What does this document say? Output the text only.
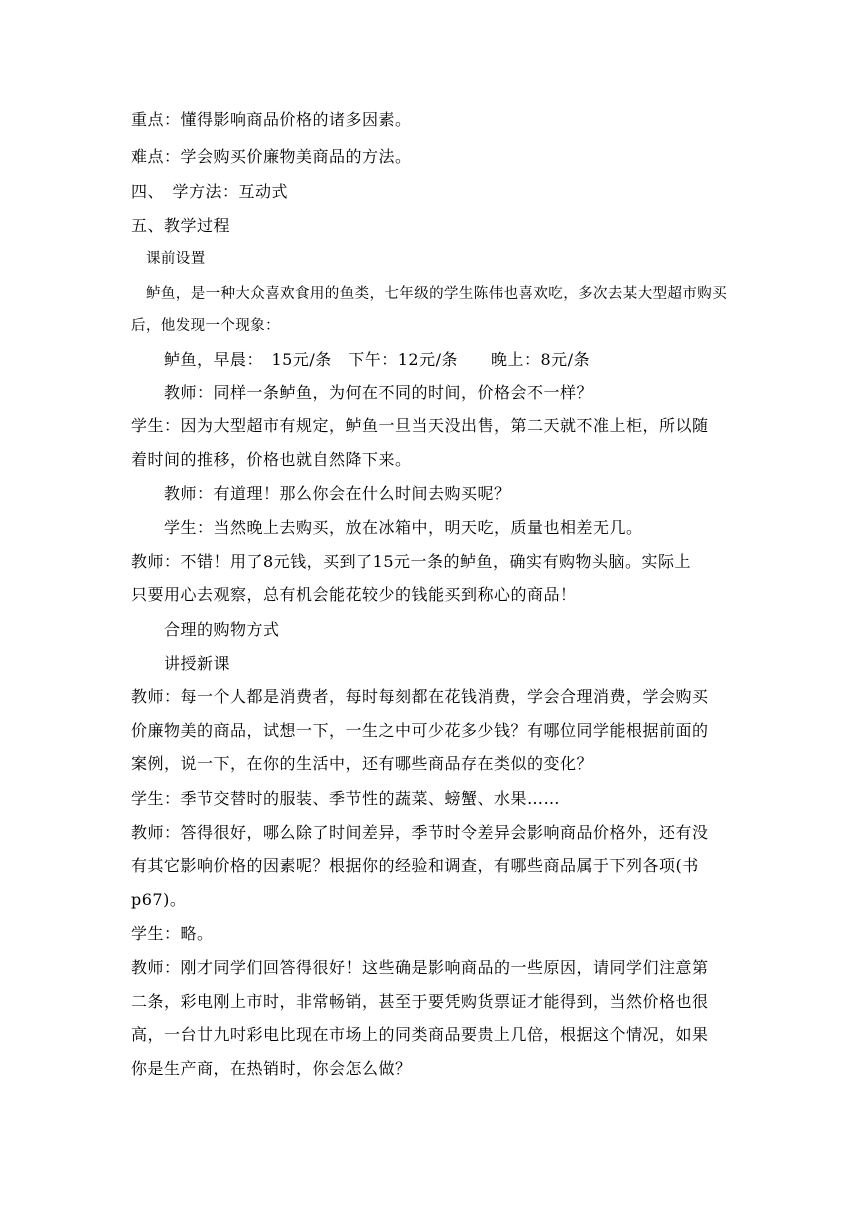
重点：懂得影响商品价格的诸多因素。
难点：学会购买价廉物美商品的方法。
四、　学方法：互动式
五、教学过程
课前设置
鲈鱼，是一种大众喜欢食用的鱼类，七年级的学生陈伟也喜欢吃，多次去某大型超市购买
后，他发现一个现象：
鲈鱼，早晨：　15元/条　下午：12元/条　　晚上：8元/条
教师：同样一条鲈鱼，为何在不同的时间，价格会不一样？
学生：因为大型超市有规定，鲈鱼一旦当天没出售，第二天就不准上柜，所以随
着时间的推移，价格也就自然降下来。
教师：有道理！那么你会在什么时间去购买呢？
学生：当然晚上去购买，放在冰箱中，明天吃，质量也相差无几。
教师：不错！用了8元钱，买到了15元一条的鲈鱼，确实有购物头脑。实际上
只要用心去观察，总有机会能花较少的钱能买到称心的商品！
合理的购物方式
讲授新课
教师：每一个人都是消费者，每时每刻都在花钱消费，学会合理消费，学会购买
价廉物美的商品，试想一下，一生之中可少花多少钱？有哪位同学能根据前面的
案例，说一下，在你的生活中，还有哪些商品存在类似的变化？
学生：季节交替时的服装、季节性的蔬菜、螃蟹、水果……
教师：答得很好，哪么除了时间差异，季节时令差异会影响商品价格外，还有没
有其它影响价格的因素呢？根据你的经验和调查，有哪些商品属于下列各项(书
p67)。
学生：略。
教师：刚才同学们回答得很好！这些确是影响商品的一些原因，请同学们注意第
二条，彩电刚上市时，非常畅销，甚至于要凭购货票证才能得到，当然价格也很
高，一台廿九吋彩电比现在市场上的同类商品要贵上几倍，根据这个情况，如果
你是生产商，在热销时，你会怎么做？
